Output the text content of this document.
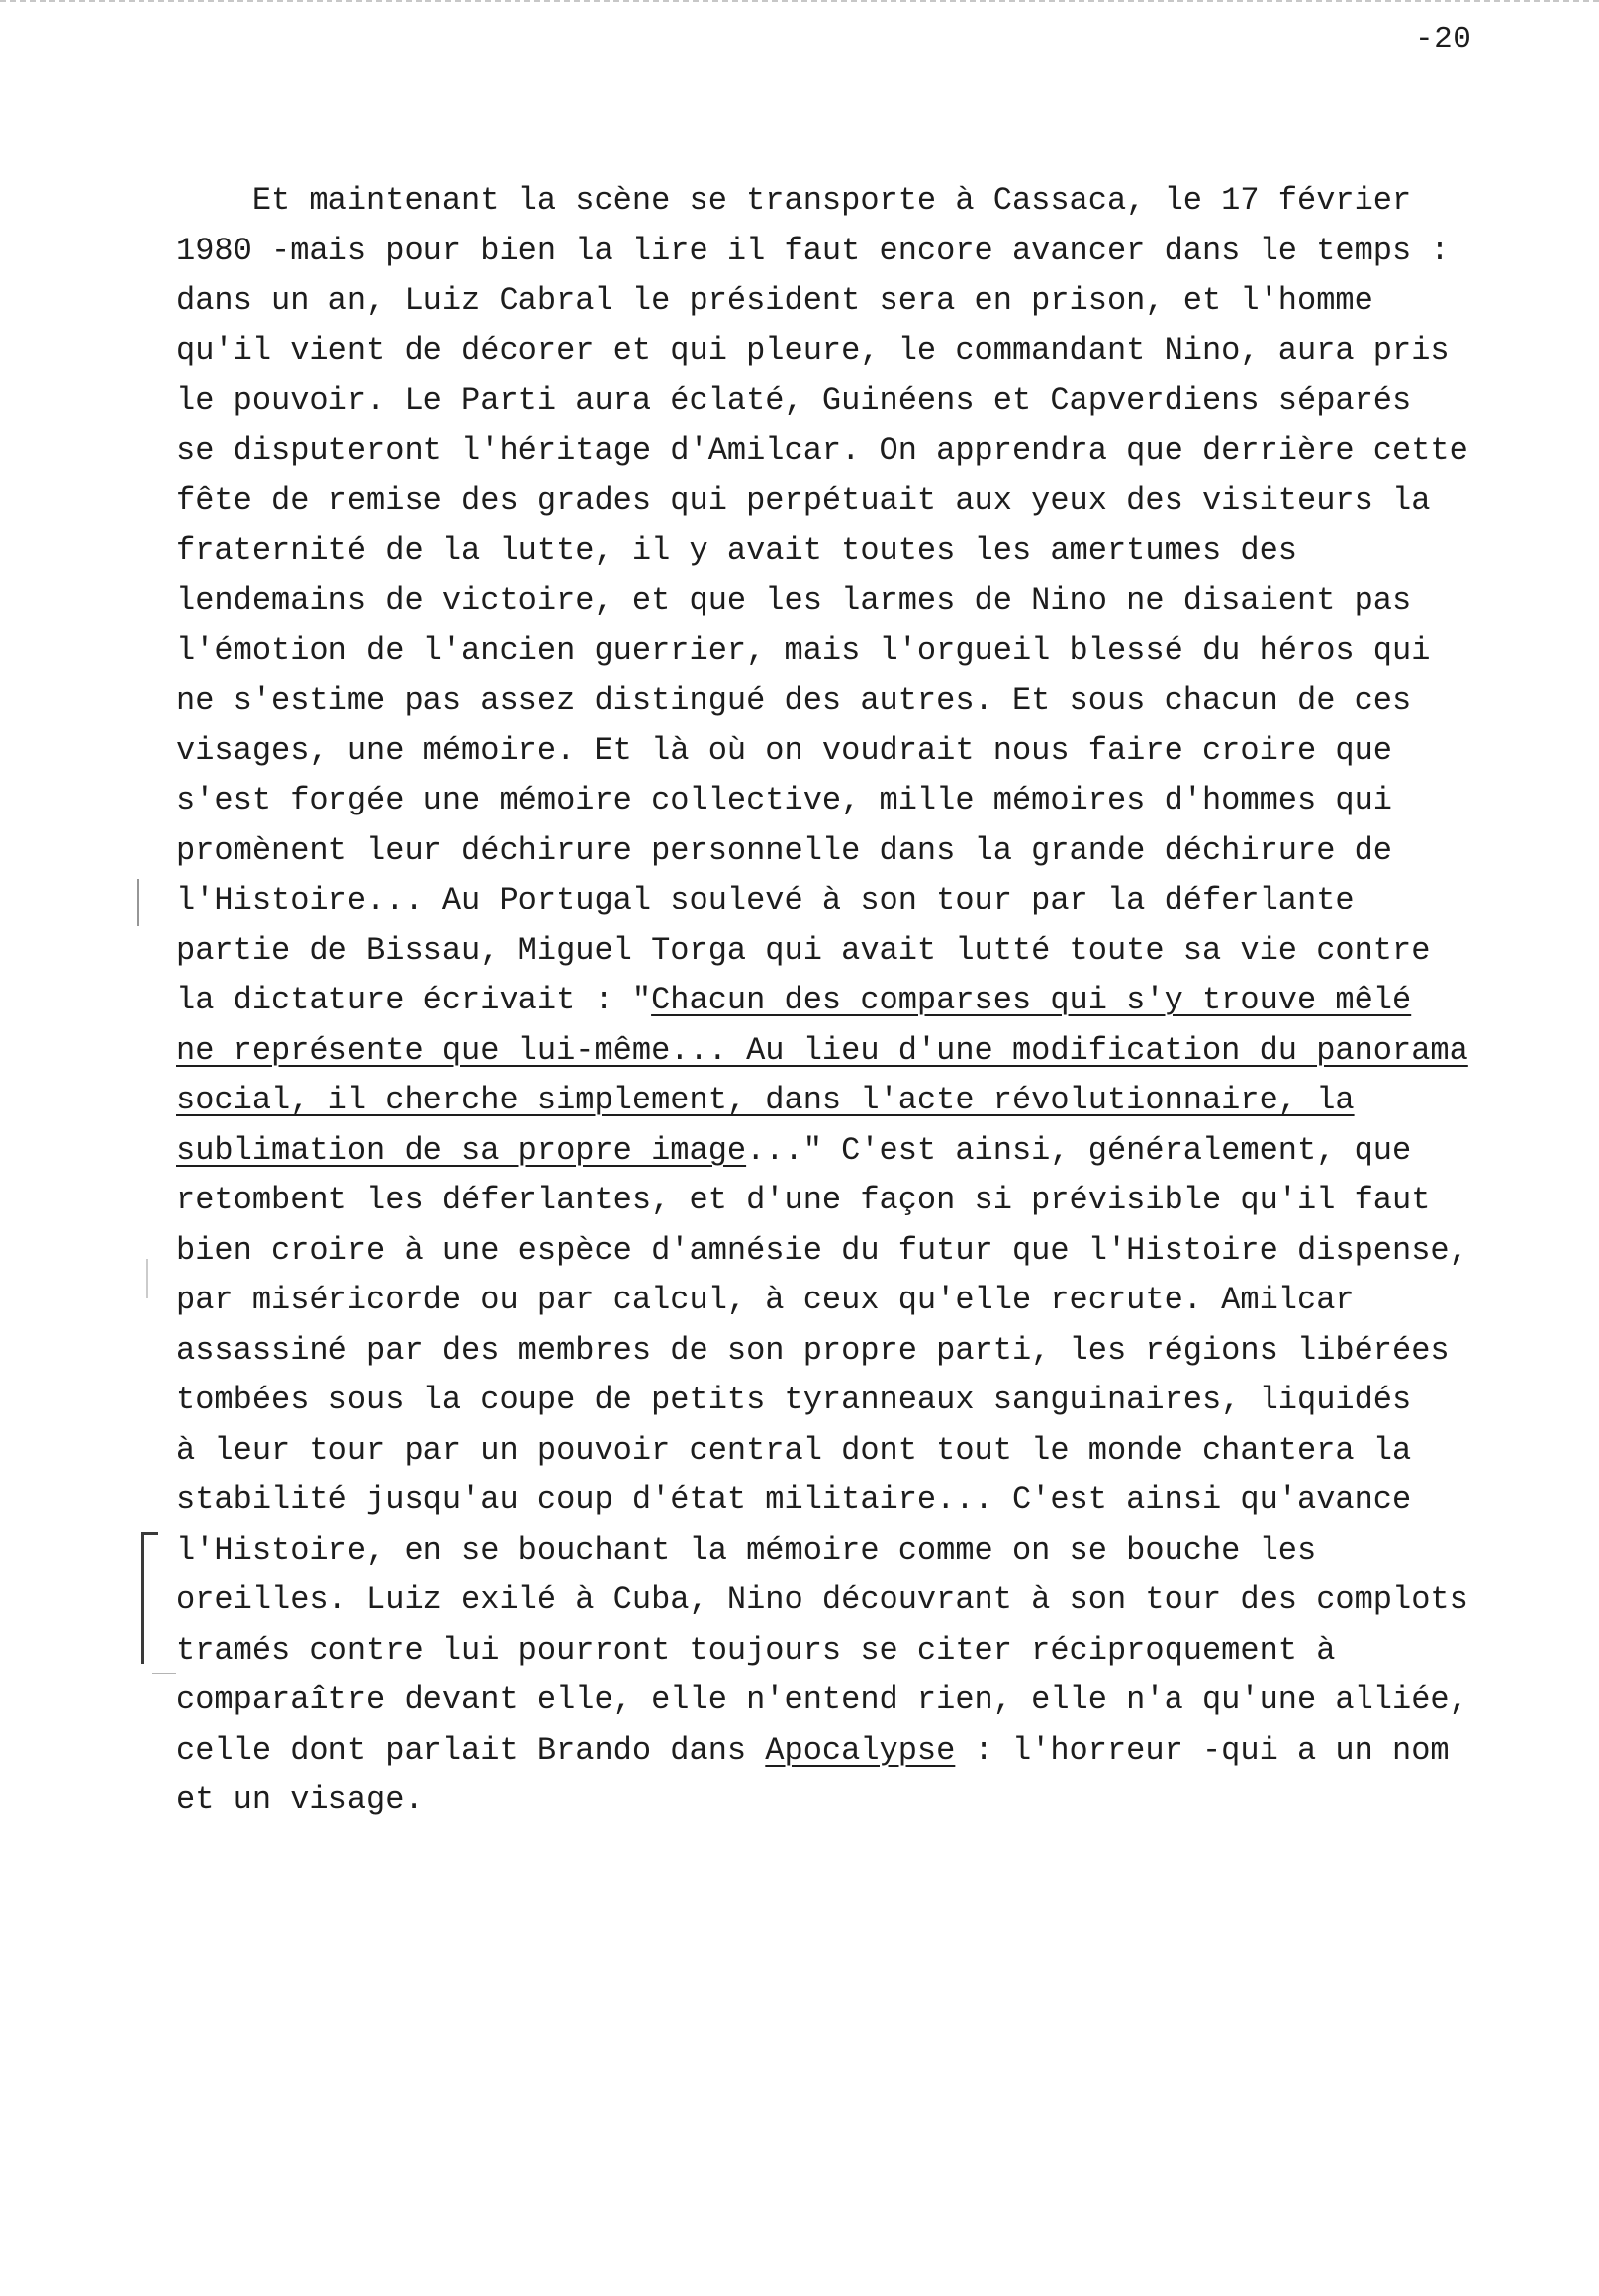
-20
Et maintenant la scène se transporte à Cassaca, le 17 février
1980 -mais pour bien la lire il faut encore avancer dans le temps :
dans un an, Luiz Cabral le président sera en prison, et l'homme
qu'il vient de décorer et qui pleure, le commandant Nino, aura pris
le pouvoir. Le Parti aura éclaté, Guinéens et Capverdiens séparés
se disputeront l'héritage d'Amilcar. On apprendra que derrière cette
fête de remise des grades qui perpétuait aux yeux des visiteurs la
fraternité de la lutte, il y avait toutes les amertumes des
lendemains de victoire, et que les larmes de Nino ne disaient pas
l'émotion de l'ancien guerrier, mais l'orgueil blessé du héros qui
ne s'estime pas assez distingué des autres. Et sous chacun de ces
visages, une mémoire. Et là où on voudrait nous faire croire que
s'est forgée une mémoire collective, mille mémoires d'hommes qui
promènent leur déchirure personnelle dans la grande déchirure de
l'Histoire... Au Portugal soulevé à son tour par la déferlante
partie de Bissau, Miguel Torga qui avait lutté toute sa vie contre
la dictature écrivait : "Chacun des comparses qui s'y trouve mêlé
ne représente que lui-même... Au lieu d'une modification du panorama
social, il cherche simplement, dans l'acte révolutionnaire, la
sublimation de sa propre image..." C'est ainsi, généralement, que
retombent les déferlantes, et d'une façon si prévisible qu'il faut
bien croire à une espèce d'amnésie du futur que l'Histoire dispense,
par miséricorde ou par calcul, à ceux qu'elle recrute. Amilcar
assassiné par des membres de son propre parti, les régions libérées
tombées sous la coupe de petits tyranneaux sanguinaires, liquidés
à leur tour par un pouvoir central dont tout le monde chantera la
stabilité jusqu'au coup d'état militaire... C'est ainsi qu'avance
l'Histoire, en se bouchant la mémoire comme on se bouche les
oreilles. Luiz exilé à Cuba, Nino découvrant à son tour des complots
tramés contre lui pourront toujours se citer réciproquement à
comparaître devant elle, elle n'entend rien, elle n'a qu'une alliée,
celle dont parlait Brando dans Apocalypse : l'horreur -qui a un nom
et un visage.
